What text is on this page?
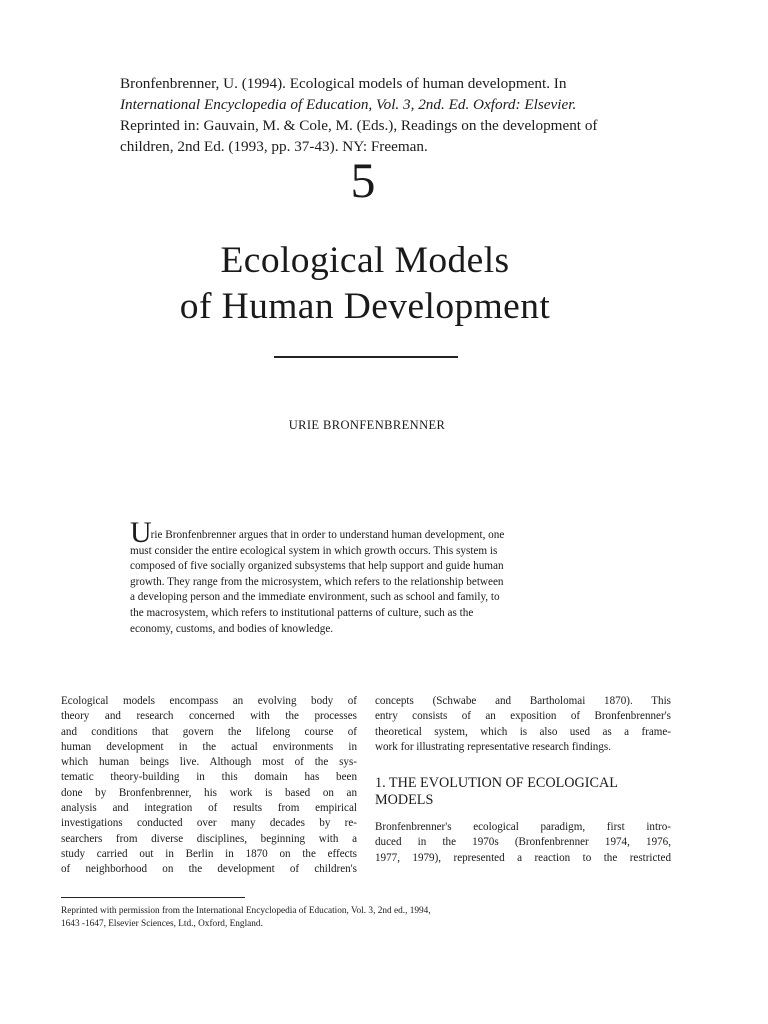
Bronfenbrenner, U. (1994). Ecological models of human development. In

International Encyclopedia of Education, Vol. 3, 2nd. Ed. Oxford: Elsevier.

Reprinted in: Gauvain, M. & Cole, M. (Eds.), Readings on the development of

children, 2nd Ed. (1993, pp. 37-43). NY: Freeman.

5
Ecological Models
of Human Development
URIE BRONFENBRENNER
Urie Bronfenbrenner argues that in order to understand human development, one
must consider the entire ecological system in which growth occurs. This system is
composed of five socially organized subsystems that help support and guide human
growth. They range from the microsystem, which refers to the relationship between
a developing person and the immediate environment, such as school and family, to
the macrosystem, which refers to institutional patterns of culture, such as the
economy, customs, and bodies of knowledge.
Ecological models encompass an evolving body of
theory and research concerned with the processes
and conditions that govern the lifelong course of
human development in the actual environments in
which human beings live. Although most of the sys-
tematic theory-building in this domain has been
done by Bronfenbrenner, his work is based on an
analysis and integration of results from empirical
investigations conducted over many decades by re-
searchers from diverse disciplines, beginning with a
study carried out in Berlin in 1870 on the effects
of neighborhood on the development of children's
concepts (Schwabe and Bartholomai 1870). This
entry consists of an exposition of Bronfenbrenner's
theoretical system, which is also used as a frame-
work for illustrating representative research findings.
1. THE EVOLUTION OF ECOLOGICAL
MODELS
Bronfenbrenner's ecological paradigm, first intro-
duced in the 1970s (Bronfenbrenner 1974, 1976,
1977, 1979), represented a reaction to the restricted
Reprinted with permission from the International Encyclopedia of Education, Vol. 3, 2nd ed., 1994,
1643 -1647, Elsevier Sciences, Ltd., Oxford, England.
